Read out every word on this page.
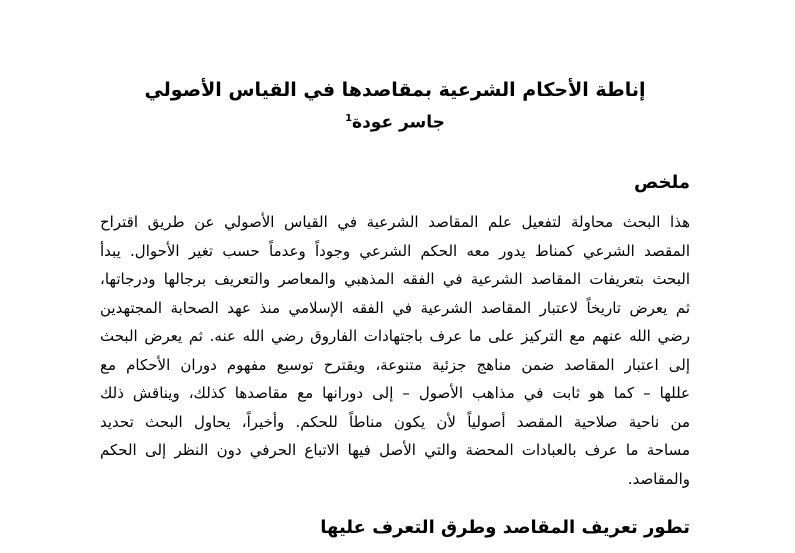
إناطة الأحكام الشرعية بمقاصدها في القياس الأصولي
جاسر عودة$^1$
ملخص
هذا البحث محاولة لتفعيل علم المقاصد الشرعية في القياس الأصولي عن طريق اقتراح
المقصد الشرعي كمناط يدور معه الحكم الشرعي وجوداً وعدماً حسب تغير الأحوال. يبدأ
البحث بتعريفات المقاصد الشرعية في الفقه المذهبي والمعاصر والتعريف برجالها ودرجاتها،
ثم يعرض تاريخاً لاعتبار المقاصد الشرعية في الفقه الإسلامي منذ عهد الصحابة المجتهدين
رضي الله عنهم مع التركيز على ما عرف باجتهادات الفاروق رضي الله عنه. ثم يعرض البحث
إلى اعتبار المقاصد ضمن مناهج جزئية متنوعة، ويقترح توسيع مفهوم دوران الأحكام مع
عللها – كما هو ثابت في مذاهب الأصول – إلى دورانها مع مقاصدها كذلك، ويناقش ذلك
من ناحية صلاحية المقصد أصولياً لأن يكون مناطاً للحكم. وأخيراً، يحاول البحث تحديد
مساحة ما عرف بالعبادات المحضة والتي الأصل فيها الاتباع الحرفي دون النظر إلى الحكم
والمقاصد.
تطور تعريف المقاصد وطرق التعرف عليها
